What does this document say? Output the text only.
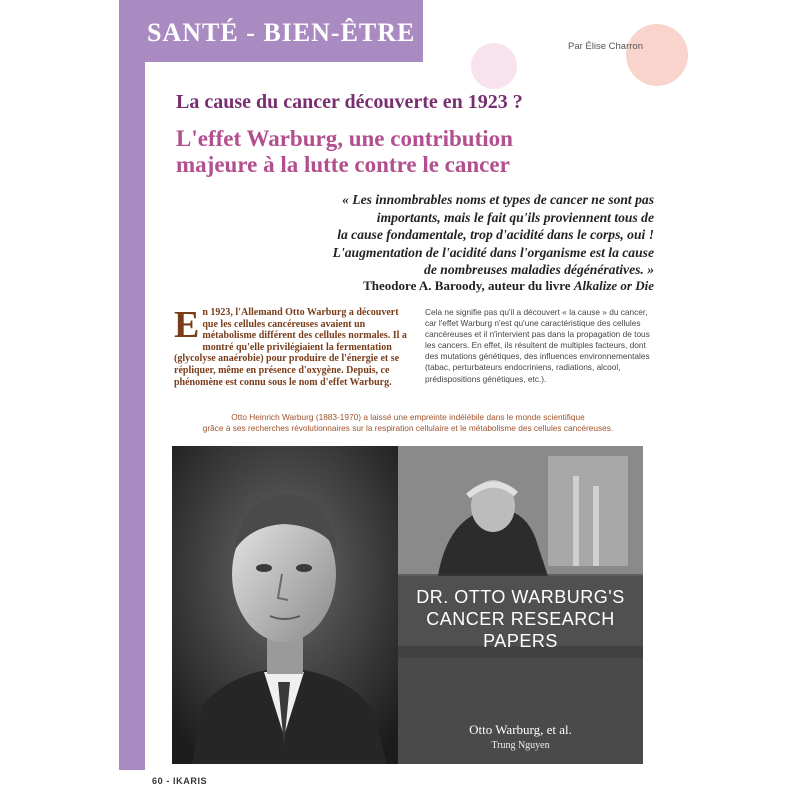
SANTÉ - BIEN-ÊTRE	Par Élise Charron
La cause du cancer découverte en 1923 ?
L'effet Warburg, une contribution
majeure à la lutte contre le cancer
« Les innombrables noms et types de cancer ne sont pas
importants, mais le fait qu'ils proviennent tous de
la cause fondamentale, trop d'acidité dans le corps, oui !
L'augmentation de l'acidité dans l'organisme est la cause
de nombreuses maladies dégénératives. »
Theodore A. Baroody, auteur du livre Alkalize or Die
E n 1923, l'Allemand Otto Warburg a découvert que les cellules cancéreuses avaient un métabolisme différent des cellules normales. Il a montré qu'elle privilégiaient la fermentation (glycolyse anaérobie) pour produire de l'énergie et se répliquer, même en présence d'oxygène. Depuis, ce phénomène est connu sous le nom d'effet Warburg.
Cela ne signifie pas qu'il a découvert « la cause » du cancer, car l'effet Warburg n'est qu'une caractéristique des cellules cancéreuses et il n'intervient pas dans la propagation de tous les cancers. En effet, ils résultent de multiples facteurs, dont des mutations génétiques, des influences environnementales (tabac, perturbateurs endocriniens, radiations, alcool, prédispositions génétiques, etc.).
Otto Heinrich Warburg (1883-1970) a laissé une empreinte indélébile dans le monde scientifique
grâce à ses recherches révolutionnaires sur la respiration cellulaire et le métabolisme des cellules cancéreuses.
DR. OTTO WARBURG'S
CANCER RESEARCH
PAPERS
Otto Warburg, et al.
Trung Nguyen
60 - IKARIS
